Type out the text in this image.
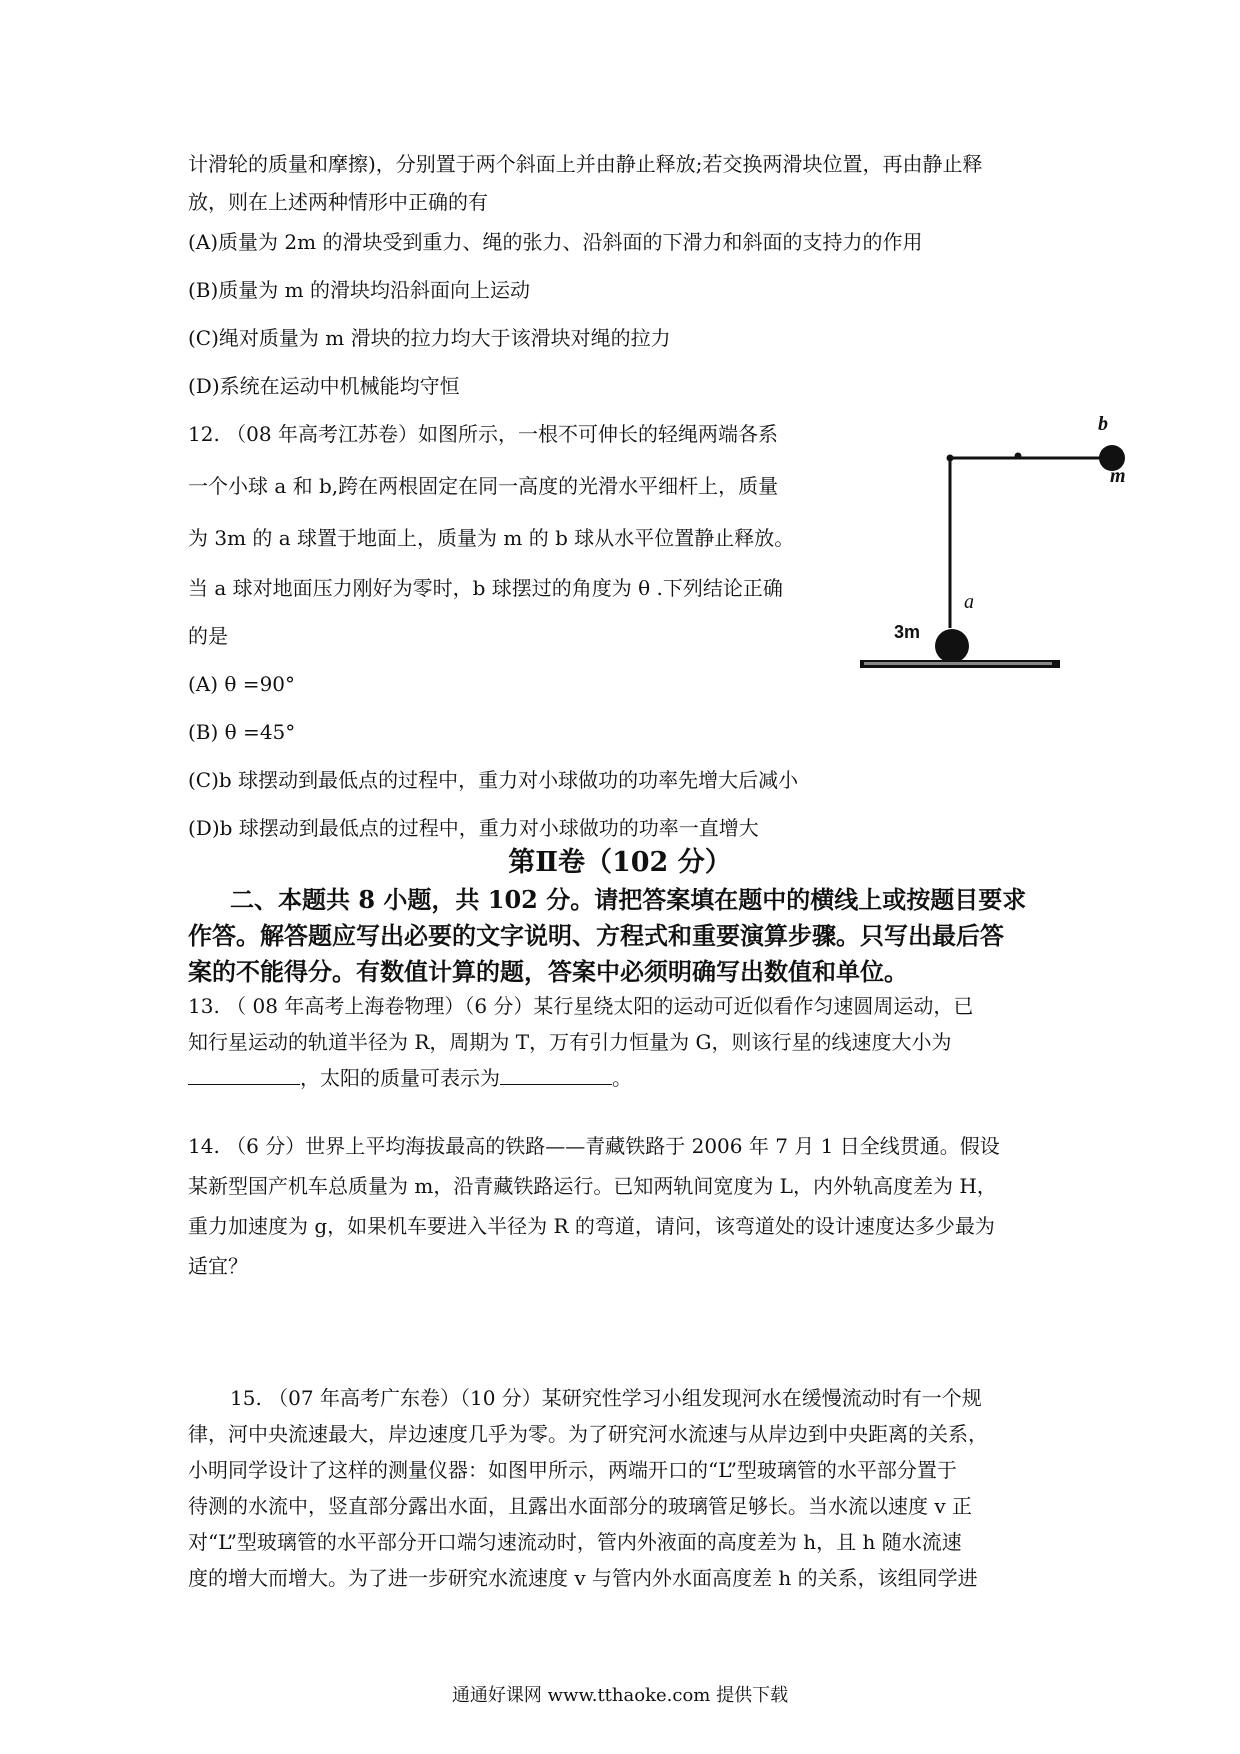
计滑轮的质量和摩擦)，分别置于两个斜面上并由静止释放;若交换两滑块位置，再由静止释
放，则在上述两种情形中正确的有
(A)质量为 2m 的滑块受到重力、绳的张力、沿斜面的下滑力和斜面的支持力的作用
(B)质量为 m 的滑块均沿斜面向上运动
(C)绳对质量为 m 滑块的拉力均大于该滑块对绳的拉力
(D)系统在运动中机械能均守恒
12. （08 年高考江苏卷）如图所示，一根不可伸长的轻绳两端各系
一个小球 a 和 b,跨在两根固定在同一高度的光滑水平细杆上，质量
为 3m 的 a 球置于地面上，质量为 m 的 b 球从水平位置静止释放。
当 a 球对地面压力刚好为零时，b 球摆过的角度为 θ .下列结论正确
的是
(A) θ =90°
(B) θ =45°
(C)b 球摆动到最低点的过程中，重力对小球做功的功率先增大后减小
(D)b 球摆动到最低点的过程中，重力对小球做功的功率一直增大
b
m
a
3m
第Ⅱ卷（102 分）
二、本题共 8 小题，共 102 分。请把答案填在题中的横线上或按题目要求
作答。解答题应写出必要的文字说明、方程式和重要演算步骤。只写出最后答
案的不能得分。有数值计算的题，答案中必须明确写出数值和单位。
13. （ 08 年高考上海卷物理）（6 分）某行星绕太阳的运动可近似看作匀速圆周运动，已
知行星运动的轨道半径为 R，周期为 T，万有引力恒量为 G，则该行星的线速度大小为
，太阳的质量可表示为	。
14. （6 分）世界上平均海拔最高的铁路——青藏铁路于 2006 年 7 月 1 日全线贯通。假设
某新型国产机车总质量为 m，沿青藏铁路运行。已知两轨间宽度为 L，内外轨高度差为 H，
重力加速度为 g，如果机车要进入半径为 R 的弯道，请问，该弯道处的设计速度达多少最为
适宜？
15. （07 年高考广东卷）（10 分）某研究性学习小组发现河水在缓慢流动时有一个规
律，河中央流速最大，岸边速度几乎为零。为了研究河水流速与从岸边到中央距离的关系，
小明同学设计了这样的测量仪器：如图甲所示，两端开口的“L”型玻璃管的水平部分置于
待测的水流中，竖直部分露出水面，且露出水面部分的玻璃管足够长。当水流以速度 v 正
对“L”型玻璃管的水平部分开口端匀速流动时，管内外液面的高度差为 h，且 h 随水流速
度的增大而增大。为了进一步研究水流速度 v 与管内外水面高度差 h 的关系，该组同学进
通通好课网 www.tthaoke.com 提供下载
